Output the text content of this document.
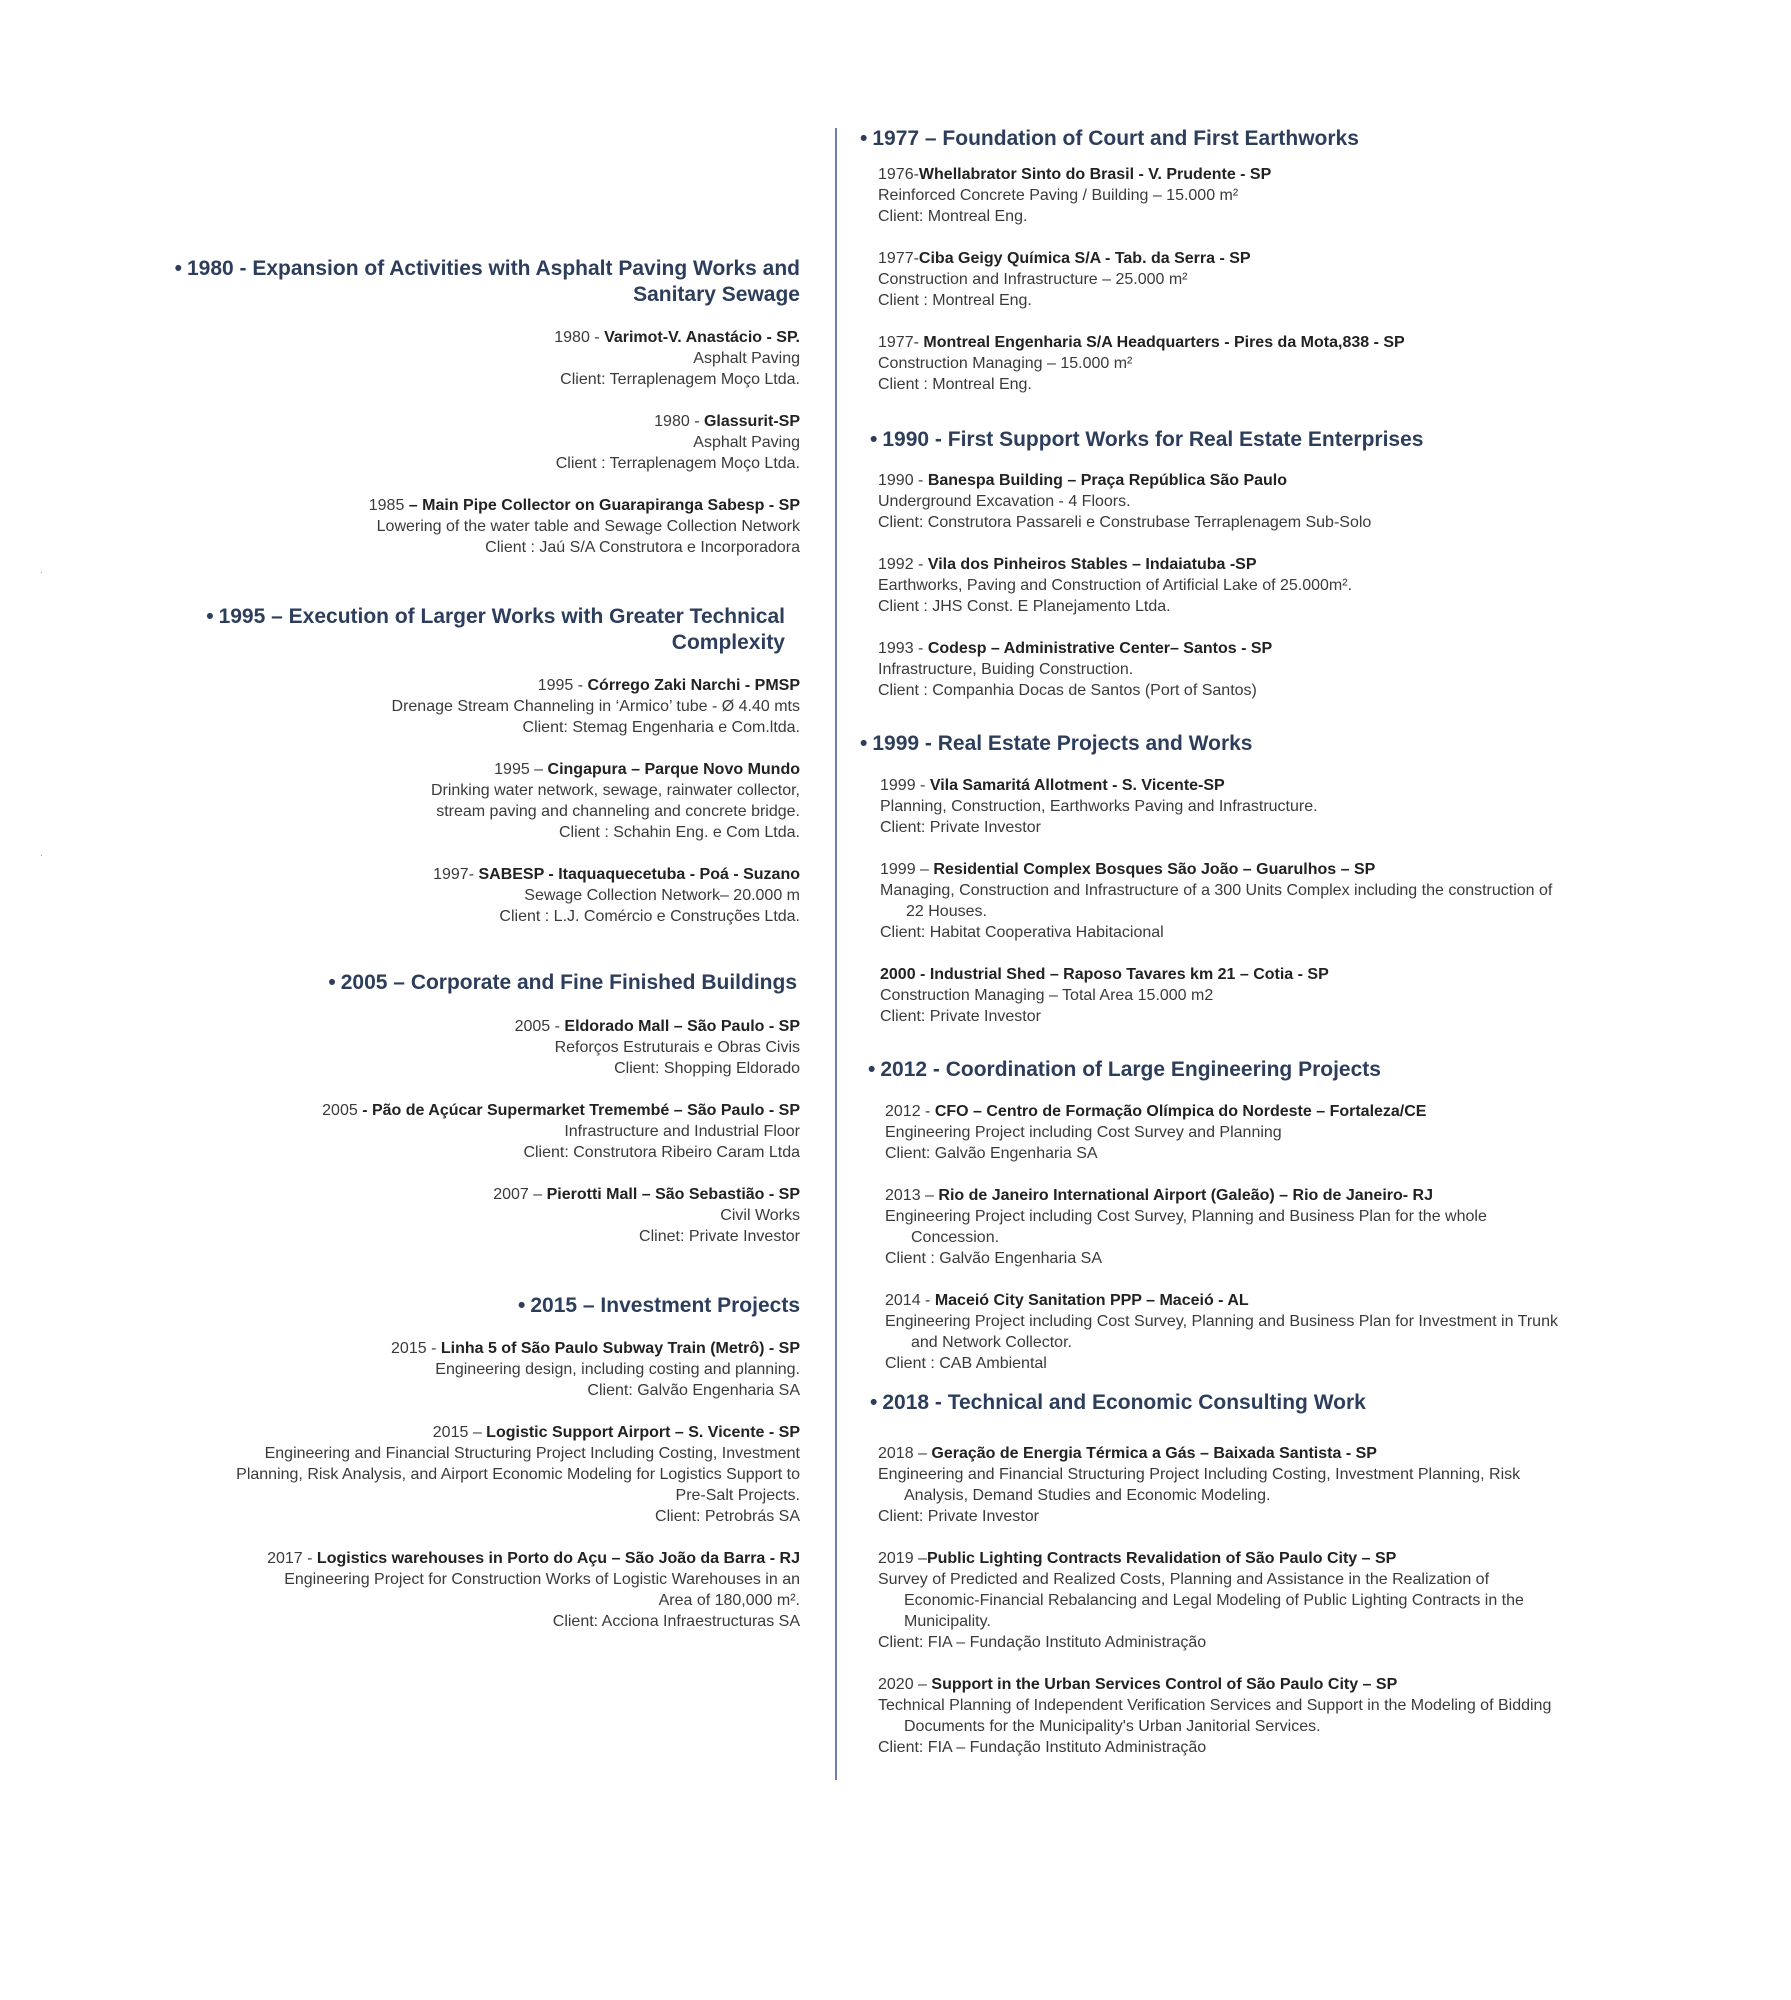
.
.
• 1980 - Expansion of Activities with Asphalt Paving Works and
Sanitary Sewage
1980 - Varimot-V. Anastácio - SP.
Asphalt Paving
Client: Terraplenagem Moço Ltda.
1980 - Glassurit-SP
Asphalt Paving
Client : Terraplenagem Moço Ltda.
1985 – Main Pipe Collector on Guarapiranga Sabesp - SP
Lowering of the water table and Sewage Collection Network
Client : Jaú S/A Construtora e Incorporadora
• 1995 – Execution of Larger Works with Greater Technical
Complexity
1995 - Córrego Zaki Narchi - PMSP
Drenage Stream Channeling in ‘Armico’ tube - Ø 4.40 mts
Client: Stemag Engenharia e Com.ltda.
1995 – Cingapura – Parque Novo Mundo
Drinking water network, sewage, rainwater collector,
stream paving and channeling and concrete bridge.
Client : Schahin Eng. e Com Ltda.
1997- SABESP - Itaquaquecetuba - Poá - Suzano
Sewage Collection Network– 20.000 m
Client : L.J. Comércio e Construções Ltda.
• 2005 – Corporate and Fine Finished Buildings
2005 - Eldorado Mall – São Paulo - SP
Reforços Estruturais e Obras Civis
Client: Shopping Eldorado
2005 - Pão de Açúcar Supermarket Tremembé – São Paulo - SP
Infrastructure and Industrial Floor
Client: Construtora Ribeiro Caram Ltda
2007 – Pierotti Mall – São Sebastião - SP
Civil Works
Clinet: Private Investor
• 2015 – Investment Projects
2015 - Linha 5 of São Paulo Subway Train (Metrô) - SP
Engineering design, including costing and planning.
Client: Galvão Engenharia SA
2015 – Logistic Support Airport – S. Vicente - SP
Engineering and Financial Structuring Project Including Costing, Investment
Planning, Risk Analysis, and Airport Economic Modeling for Logistics Support to
Pre-Salt Projects.
Client: Petrobrás SA
2017 - Logistics warehouses in Porto do Açu – São João da Barra - RJ
Engineering Project for Construction Works of Logistic Warehouses in an
Area of 180,000 m².
Client: Acciona Infraestructuras SA
• 1977 – Foundation of Court and First Earthworks
1976-Whellabrator Sinto do Brasil - V. Prudente - SP
Reinforced Concrete Paving / Building – 15.000 m²
Client: Montreal Eng.
1977-Ciba Geigy Química S/A - Tab. da Serra - SP
Construction and Infrastructure – 25.000 m²
Client : Montreal Eng.
1977- Montreal Engenharia S/A Headquarters - Pires da Mota,838 - SP
Construction Managing – 15.000 m²
Client : Montreal Eng.
• 1990 - First Support Works for Real Estate Enterprises
1990 - Banespa Building – Praça República São Paulo
Underground Excavation - 4 Floors.
Client: Construtora Passareli e Construbase Terraplenagem Sub-Solo
1992 - Vila dos Pinheiros Stables – Indaiatuba -SP
Earthworks, Paving and Construction of Artificial Lake of 25.000m².
Client : JHS Const. E Planejamento Ltda.
1993 - Codesp – Administrative Center– Santos - SP
Infrastructure, Buiding Construction.
Client : Companhia Docas de Santos (Port of Santos)
• 1999 - Real Estate Projects and Works
1999 - Vila Samaritá Allotment - S. Vicente-SP
Planning, Construction, Earthworks Paving and Infrastructure.
Client: Private Investor
1999 – Residential Complex Bosques São João – Guarulhos – SP
Managing, Construction and Infrastructure of a 300 Units Complex including the construction of
22 Houses.
Client: Habitat Cooperativa Habitacional
2000 - Industrial Shed – Raposo Tavares km 21 – Cotia - SP
Construction Managing – Total Area 15.000 m2
Client: Private Investor
• 2012 - Coordination of Large Engineering Projects
2012 - CFO – Centro de Formação Olímpica do Nordeste – Fortaleza/CE
Engineering Project including Cost Survey and Planning
Client: Galvão Engenharia SA
2013 – Rio de Janeiro International Airport (Galeão) – Rio de Janeiro- RJ
Engineering Project including Cost Survey, Planning and Business Plan for the whole
Concession.
Client : Galvão Engenharia SA
2014 - Maceió City Sanitation PPP – Maceió - AL
Engineering Project including Cost Survey, Planning and Business Plan for Investment in Trunk
and Network Collector.
Client : CAB Ambiental
• 2018 - Technical and Economic Consulting Work
2018 – Geração de Energia Térmica a Gás – Baixada Santista - SP
Engineering and Financial Structuring Project Including Costing, Investment Planning, Risk
Analysis, Demand Studies and Economic Modeling.
Client: Private Investor
2019 –Public Lighting Contracts Revalidation of São Paulo City – SP
Survey of Predicted and Realized Costs, Planning and Assistance in the Realization of
Economic-Financial Rebalancing and Legal Modeling of Public Lighting Contracts in the
Municipality.
Client: FIA – Fundação Instituto Administração
2020 – Support in the Urban Services Control of São Paulo City – SP
Technical Planning of Independent Verification Services and Support in the Modeling of Bidding
Documents for the Municipality's Urban Janitorial Services.
Client: FIA – Fundação Instituto Administração
